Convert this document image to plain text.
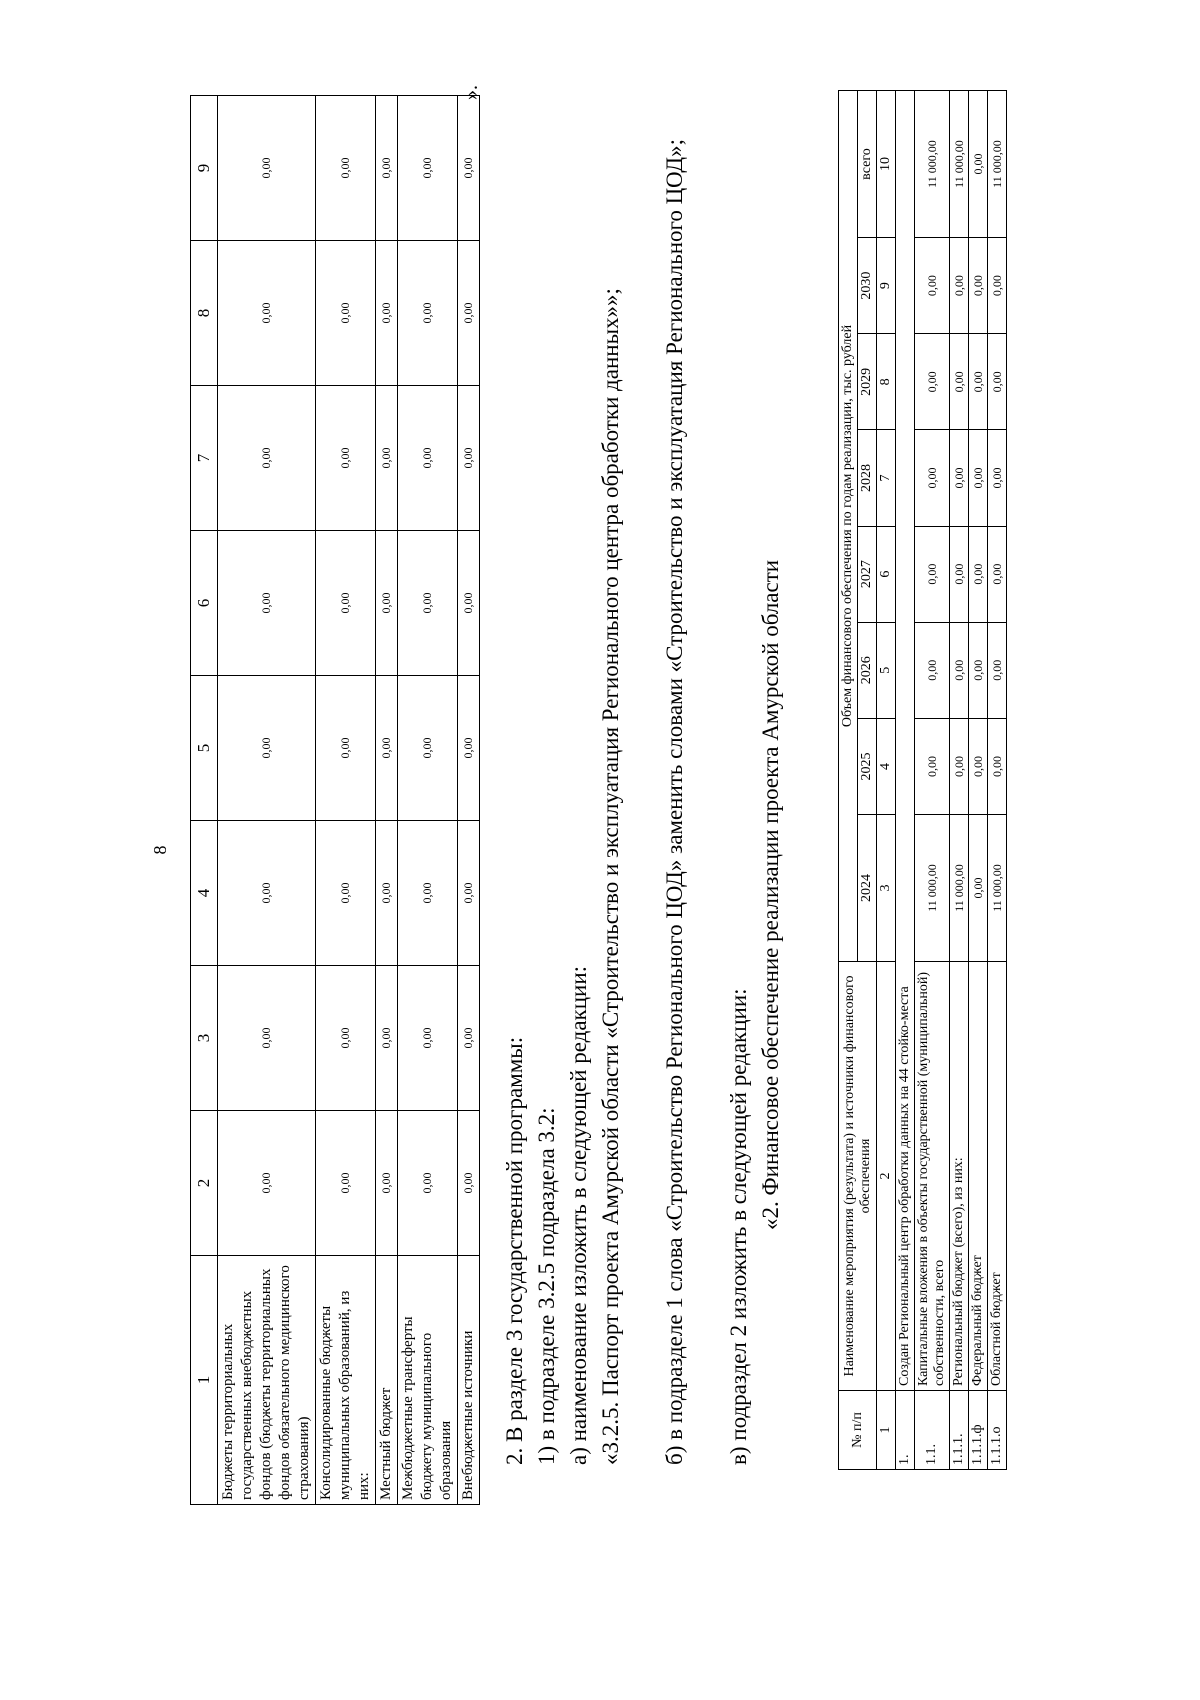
8
1	2	3	4	5	6	7	8	9
Бюджеты территориальных государственных внебюджетных фондов (бюджеты территориальных фондов обязательного медицинского страхования)	0,00	0,00	0,00	0,00	0,00	0,00	0,00	0,00
Консолидированные бюджеты муниципальных образований, из них:	0,00	0,00	0,00	0,00	0,00	0,00	0,00	0,00
Местный бюджет	0,00	0,00	0,00	0,00	0,00	0,00	0,00	0,00
Межбюджетные трансферты бюджету муниципального образования	0,00	0,00	0,00	0,00	0,00	0,00	0,00	0,00
Внебюджетные источники	0,00	0,00	0,00	0,00	0,00	0,00	0,00	0,00
».
2. В разделе 3 государственной программы: 1) в подразделе 3.2.5 подраздела 3.2: а) наименование изложить в следующей редакции: «3.2.5. Паспорт проекта Амурской области «Строительство и эксплуатация Регионального центра обработки данных»»; б) в подразделе 1 слова «Строительство Регионального ЦОД» заменить словами «Строительство и эксплуатация Регионального ЦОД»; в) подраздел 2 изложить в следующей редакции: «2. Финансовое обеспечение реализации проекта Амурской области
№ п/п	Наименование мероприятия (результата) и источники финансового обеспечения	Объем финансового обеспечения по годам реализации, тыс. рублей							
		2024	2025	2026	2027	2028	2029	2030	всего
1	2	3	4	5	6	7	8	9	10
1.	Создан Региональный центр обработки данных на 44 стойко-места								
1.1.	Капитальные вложения в объекты государственной (муниципальной) собственности, всего	11 000,00	0,00	0,00	0,00	0,00	0,00	0,00	11 000,00
1.1.1.	Региональный бюджет (всего), из них:	11 000,00	0,00	0,00	0,00	0,00	0,00	0,00	11 000,00
1.1.1.ф	Федеральный бюджет	0,00	0,00	0,00	0,00	0,00	0,00	0,00	0,00
1.1.1.о	Областной бюджет	11 000,00	0,00	0,00	0,00	0,00	0,00	0,00	11 000,00
